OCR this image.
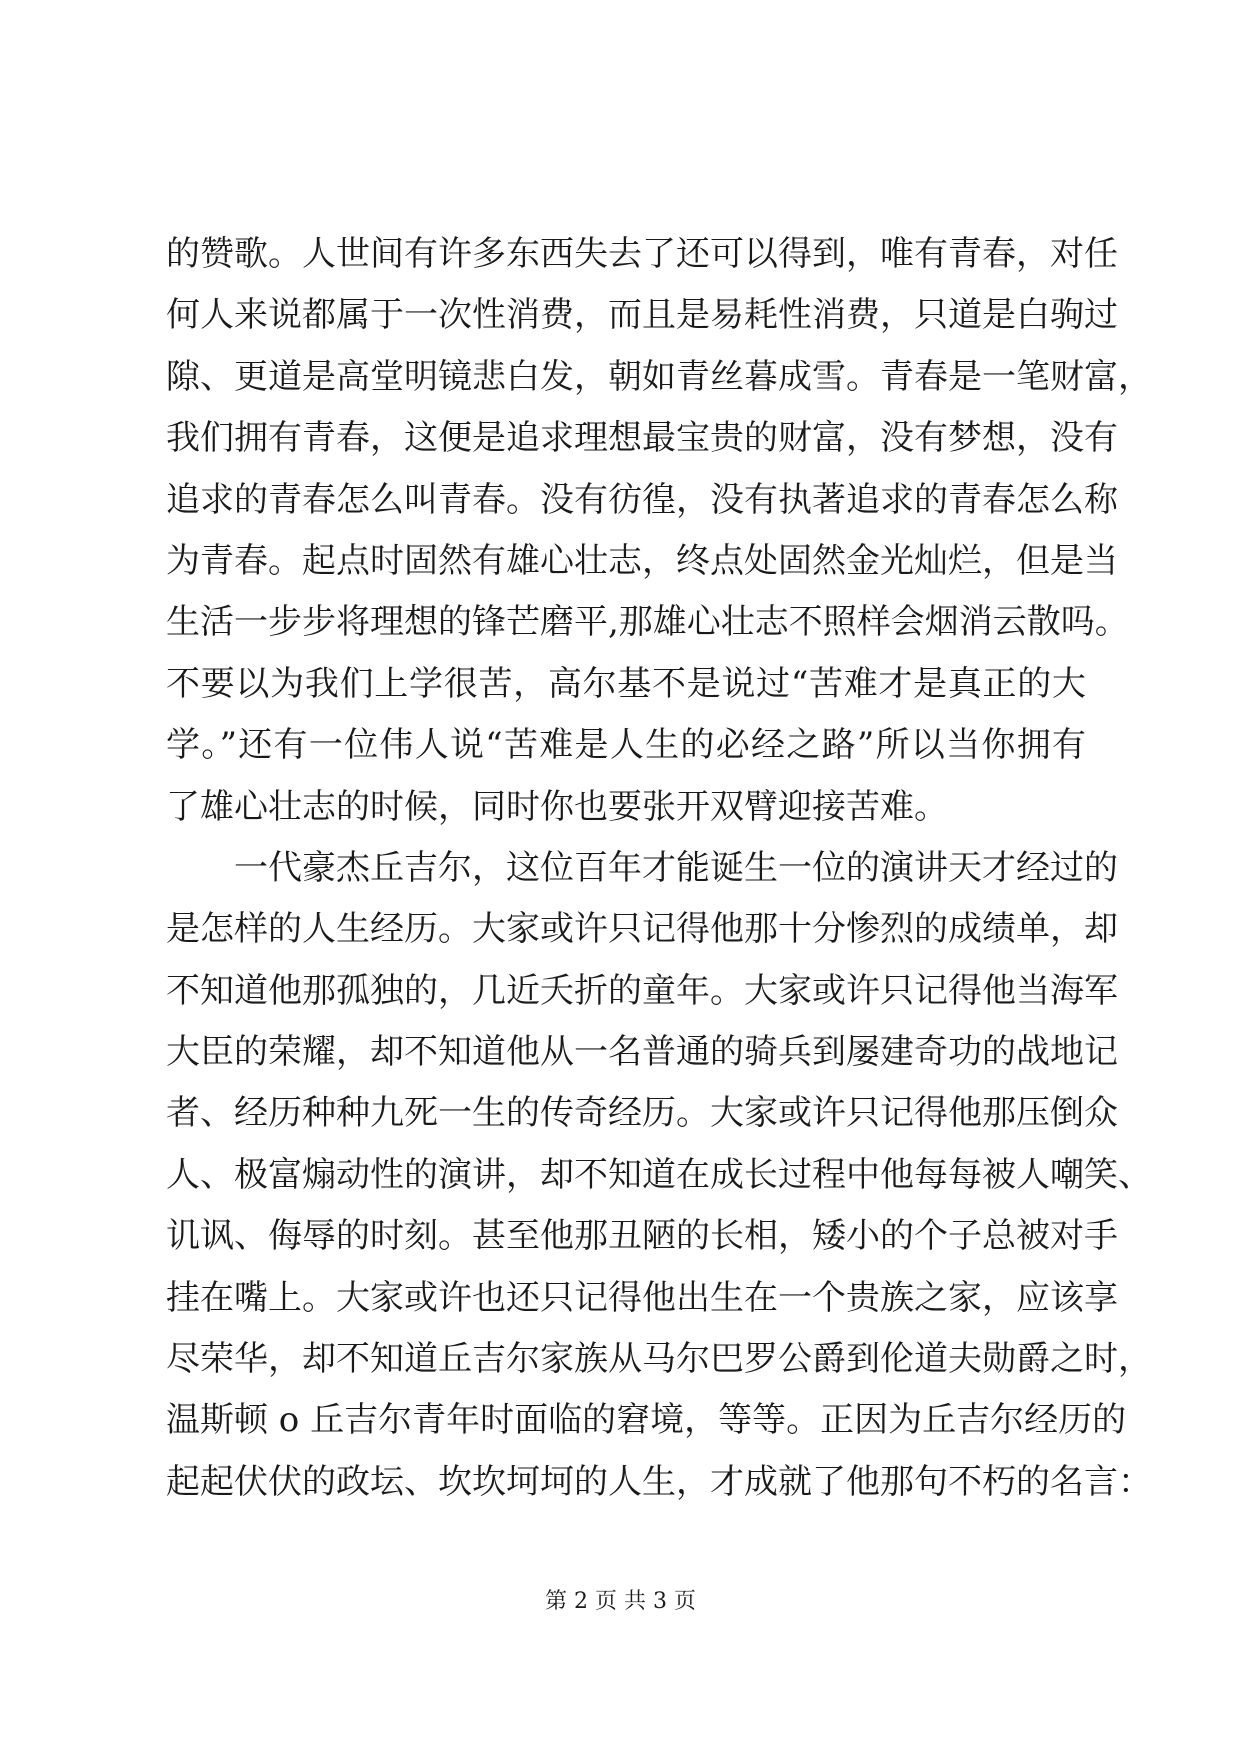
的赞歌。人世间有许多东西失去了还可以得到，唯有青春，对任
何人来说都属于一次性消费，而且是易耗性消费，只道是白驹过
隙、更道是高堂明镜悲白发，朝如青丝暮成雪。青春是一笔财富，
我们拥有青春，这便是追求理想最宝贵的财富，没有梦想，没有
追求的青春怎么叫青春。没有彷徨，没有执著追求的青春怎么称
为青春。起点时固然有雄心壮志，终点处固然金光灿烂，但是当
生活一步步将理想的锋芒磨平,那雄心壮志不照样会烟消云散吗。
不要以为我们上学很苦，高尔基不是说过“苦难才是真正的大
学。”还有一位伟人说“苦难是人生的必经之路”所以当你拥有
了雄心壮志的时候，同时你也要张开双臂迎接苦难。
一代豪杰丘吉尔，这位百年才能诞生一位的演讲天才经过的
是怎样的人生经历。大家或许只记得他那十分惨烈的成绩单，却
不知道他那孤独的，几近夭折的童年。大家或许只记得他当海军
大臣的荣耀，却不知道他从一名普通的骑兵到屡建奇功的战地记
者、经历种种九死一生的传奇经历。大家或许只记得他那压倒众
人、极富煽动性的演讲，却不知道在成长过程中他每每被人嘲笑、
讥讽、侮辱的时刻。甚至他那丑陋的长相，矮小的个子总被对手
挂在嘴上。大家或许也还只记得他出生在一个贵族之家，应该享
尽荣华，却不知道丘吉尔家族从马尔巴罗公爵到伦道夫勋爵之时，
温斯顿 o 丘吉尔青年时面临的窘境，等等。正因为丘吉尔经历的
起起伏伏的政坛、坎坎坷坷的人生，才成就了他那句不朽的名言：
第 2 页 共 3 页
